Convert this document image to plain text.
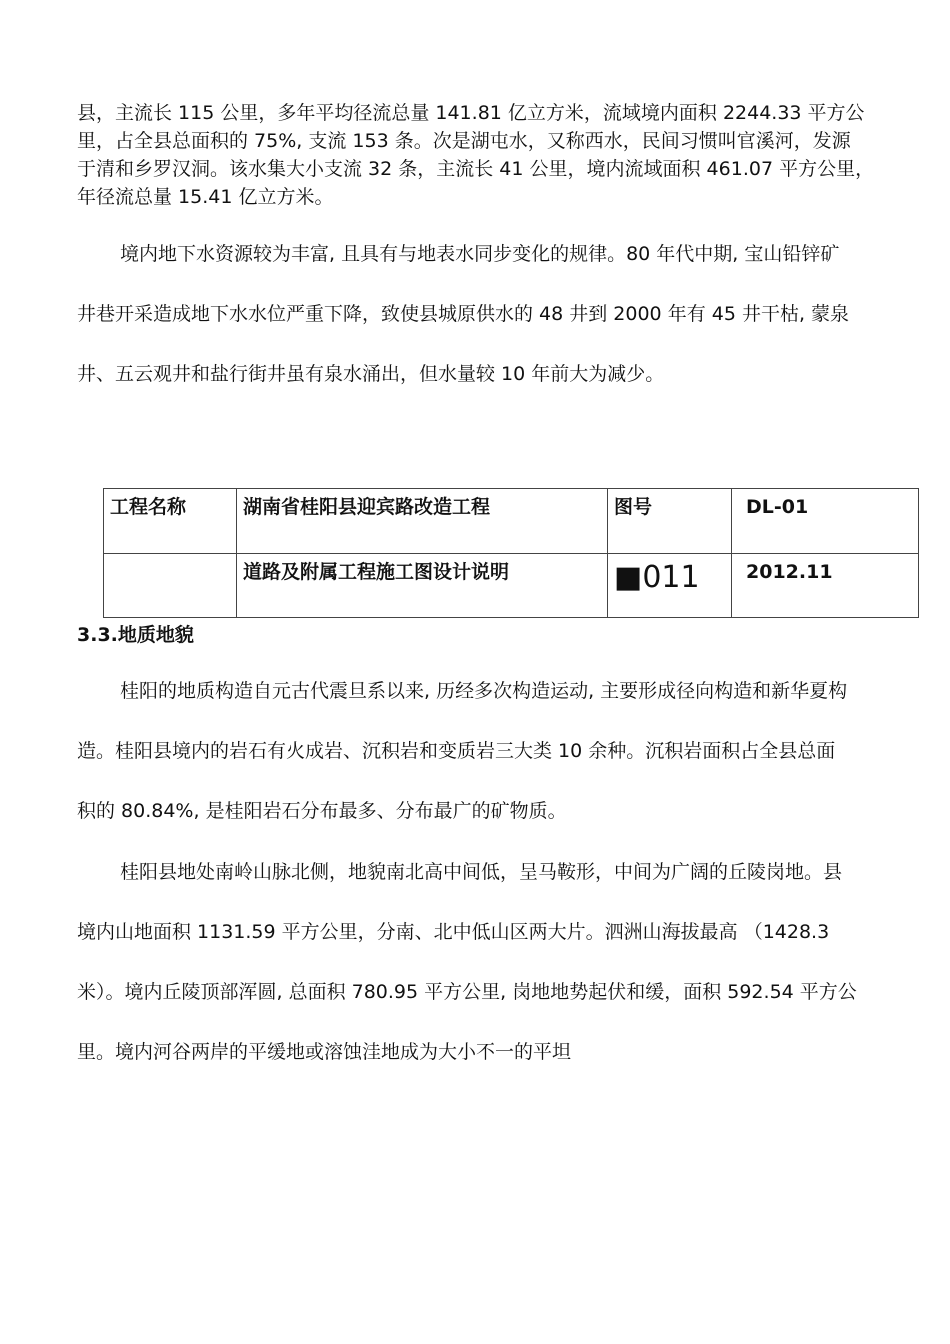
县，主流长 115 公里，多年平均径流总量 141.81 亿立方米，流域境内面积 2244.33 平方公
里，占全县总面积的 75%, 支流 153 条。次是湖屯水，又称西水，民间习惯叫官溪河，发源
于清和乡罗汉洞。该水集大小支流 32 条，主流长 41 公里，境内流域面积 461.07 平方公里，
年径流总量 15.41 亿立方米。
境内地下水资源较为丰富, 且具有与地表水同步变化的规律。80 年代中期, 宝山铅锌矿
井巷开采造成地下水水位严重下降，致使县城原供水的 48 井到 2000 年有 45 井干枯, 蒙泉
井、五云观井和盐行街井虽有泉水涌出，但水量较 10 年前大为减少。
工程名称	湖南省桂阳县迎宾路改造工程	图号	DL-01
	道路及附属工程施工图设计说明	■011	2012.11
3.3.地质地貌
桂阳的地质构造自元古代震旦系以来, 历经多次构造运动, 主要形成径向构造和新华夏构
造。桂阳县境内的岩石有火成岩、沉积岩和变质岩三大类 10 余种。沉积岩面积占全县总面
积的 80.84%, 是桂阳岩石分布最多、分布最广的矿物质。
桂阳县地处南岭山脉北侧，地貌南北高中间低，呈马鞍形，中间为广阔的丘陵岗地。县
境内山地面积 1131.59 平方公里，分南、北中低山区两大片。泗洲山海拔最高 （1428.3
米）。境内丘陵顶部浑圆, 总面积 780.95 平方公里, 岗地地势起伏和缓，面积 592.54 平方公
里。境内河谷两岸的平缓地或溶蚀洼地成为大小不一的平坦
